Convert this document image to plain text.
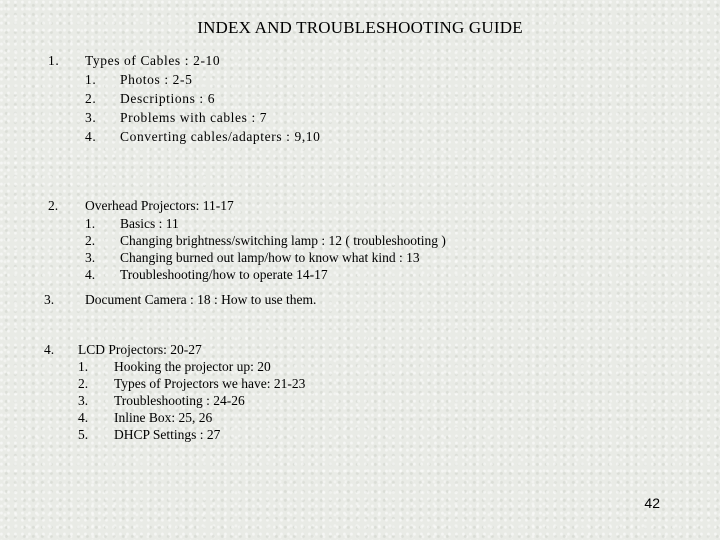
INDEX AND TROUBLESHOOTING GUIDE
1. Types of Cables : 2-10
1. Photos : 2-5
2. Descriptions : 6
3. Problems with cables : 7
4. Converting cables/adapters : 9,10
2. Overhead Projectors: 11-17
1. Basics : 11
2. Changing brightness/switching lamp : 12 ( troubleshooting )
3. Changing burned out lamp/how to know what kind : 13
4. Troubleshooting/how to operate 14-17
3. Document Camera : 18 : How to use them.
4. LCD Projectors: 20-27
1. Hooking the projector up: 20
2. Types of Projectors we have: 21-23
3. Troubleshooting : 24-26
4. Inline Box: 25, 26
5. DHCP Settings : 27
42
